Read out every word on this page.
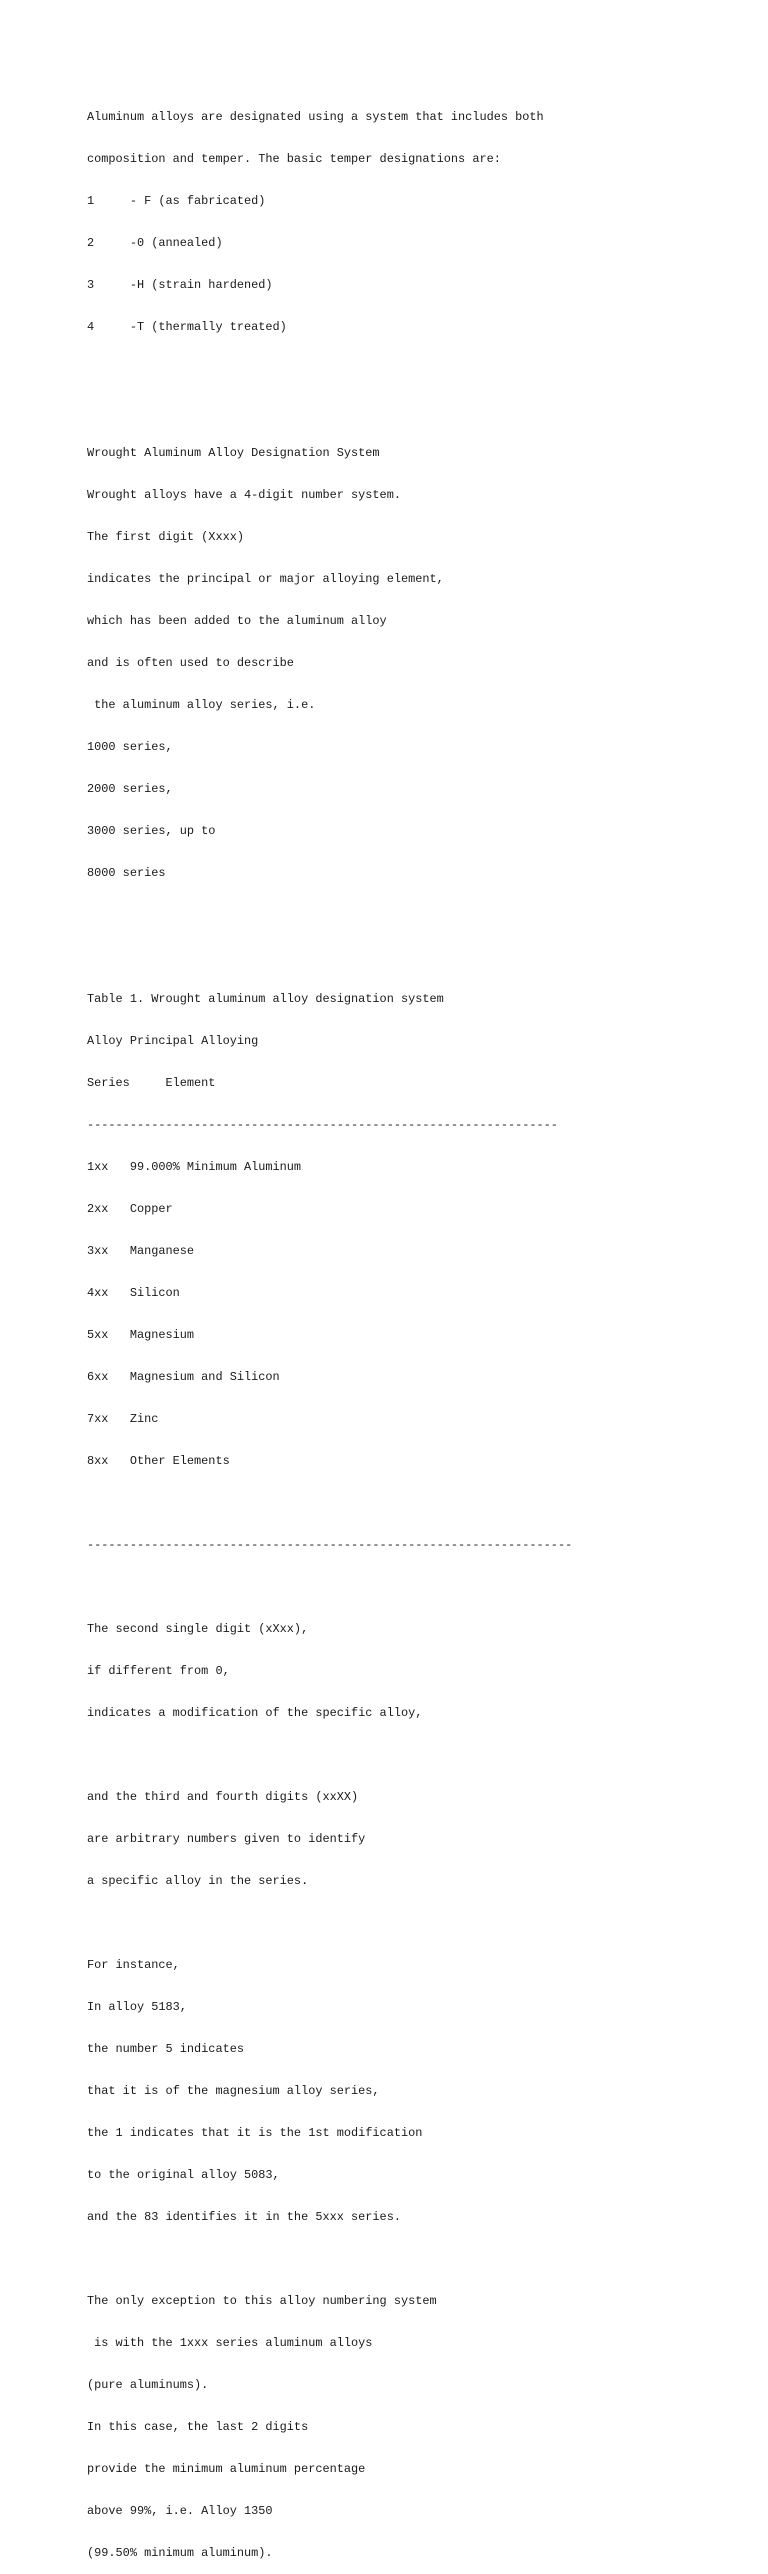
Aluminum alloys are designated using a system that includes both

composition and temper. The basic temper designations are:

1     - F (as fabricated)

2     -0 (annealed)

3     -H (strain hardened)

4     -T (thermally treated)

Wrought Aluminum Alloy Designation System

Wrought alloys have a 4-digit number system.

The first digit (Xxxx)

indicates the principal or major alloying element,

which has been added to the aluminum alloy

and is often used to describe

the aluminum alloy series, i.e.

1000 series,

2000 series,

3000 series, up to

8000 series

Table 1. Wrought aluminum alloy designation system

Alloy Principal Alloying

Series     Element

------------------------------------------------------------------

1xx   99.000% Minimum Aluminum

2xx   Copper

3xx   Manganese

4xx   Silicon

5xx   Magnesium

6xx   Magnesium and Silicon

7xx   Zinc

8xx   Other Elements

--------------------------------------------------------------------

The second single digit (xXxx),

if different from 0,

indicates a modification of the specific alloy,

and the third and fourth digits (xxXX)

are arbitrary numbers given to identify

a specific alloy in the series.

For instance,

In alloy 5183,

the number 5 indicates

that it is of the magnesium alloy series,

the 1 indicates that it is the 1st modification

to the original alloy 5083,

and the 83 identifies it in the 5xxx series.

The only exception to this alloy numbering system

is with the 1xxx series aluminum alloys

(pure aluminums).

In this case, the last 2 digits

provide the minimum aluminum percentage

above 99%, i.e. Alloy 1350

(99.50% minimum aluminum).
